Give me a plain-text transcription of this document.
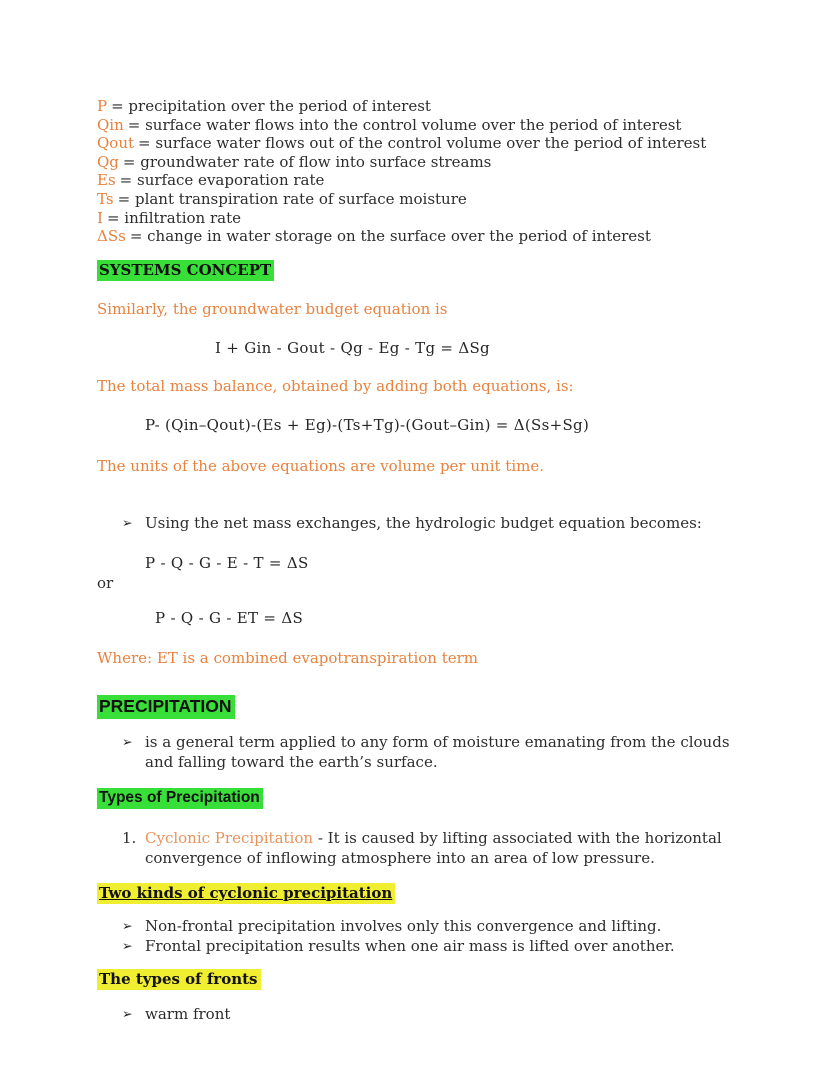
P = precipitation over the period of interest
Qin = surface water flows into the control volume over the period of interest
Qout = surface water flows out of the control volume over the period of interest
Qg = groundwater rate of flow into surface streams
Es = surface evaporation rate
Ts = plant transpiration rate of surface moisture
I = infiltration rate
ΔSs = change in water storage on the surface over the period of interest
SYSTEMS CONCEPT

Similarly, the groundwater budget equation is

I + Gin - Gout - Qg - Eg - Tg = ΔSg

The total mass balance, obtained by adding both equations, is:

P- (Qin–Qout)-(Es + Eg)-(Ts+Tg)-(Gout–Gin) = Δ(Ss+Sg)

The units of the above equations are volume per unit time.

➢ Using the net mass exchanges, the hydrologic budget equation becomes:
P - Q - G - E - T = ΔS
or
P - Q - G - ET = ΔS

Where: ET is a combined evapotranspiration term

PRECIPITATION
➢ is a general term applied to any form of moisture emanating from the clouds and falling toward the earth’s surface.
Types of Precipitation
1. Cyclonic Precipitation - It is caused by lifting associated with the horizontal convergence of inflowing atmosphere into an area of low pressure.
Two kinds of cyclonic precipitation
➢ Non-frontal precipitation involves only this convergence and lifting.
➢ Frontal precipitation results when one air mass is lifted over another.
The types of fronts
➢ warm front
